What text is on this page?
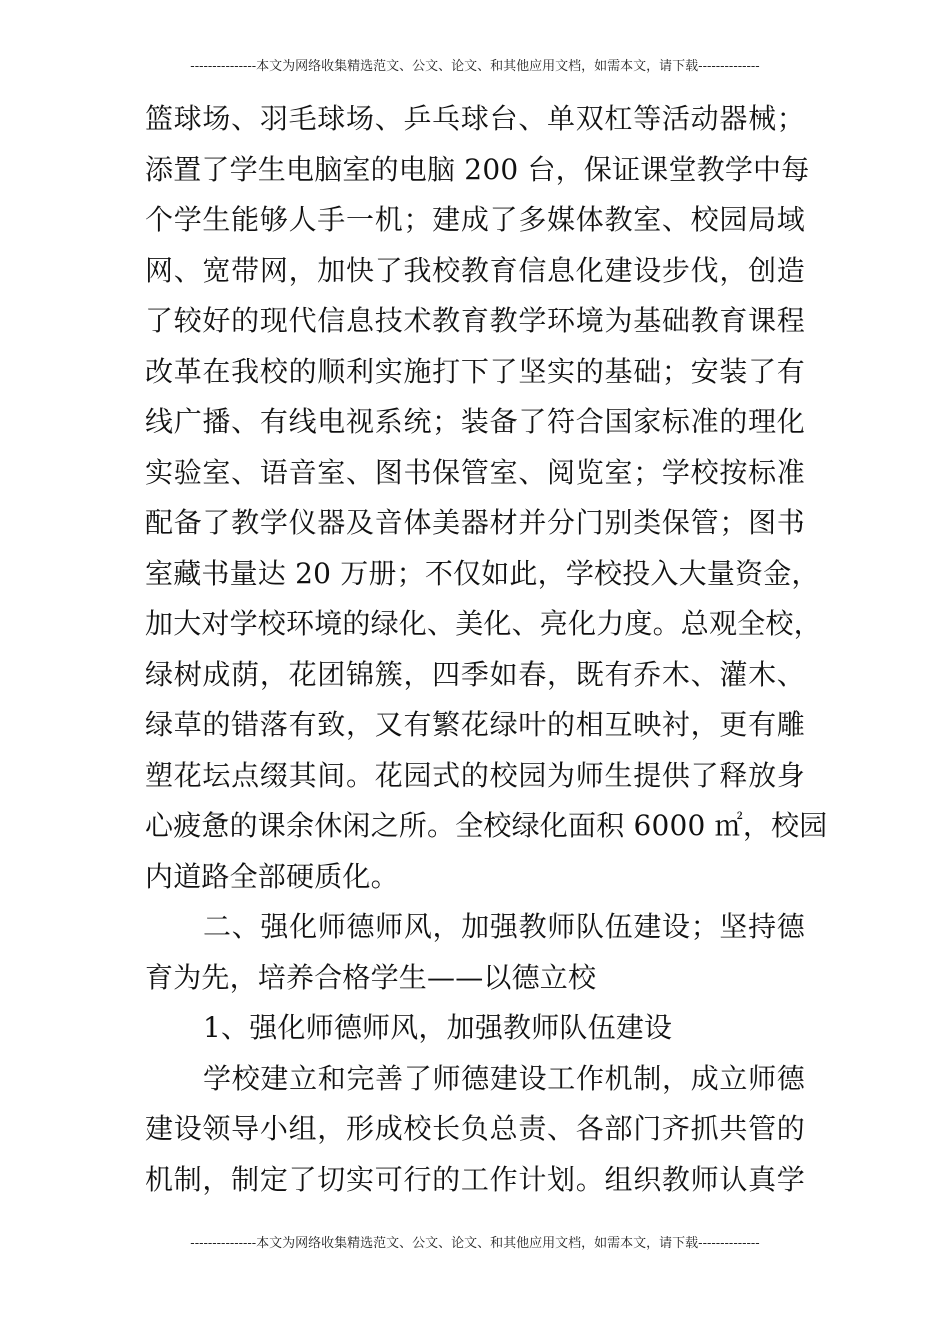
---------------本文为网络收集精选范文、公文、论文、和其他应用文档，如需本文，请下载--------------
篮球场、羽毛球场、乒乓球台、单双杠等活动器械；
添置了学生电脑室的电脑 200 台，保证课堂教学中每
个学生能够人手一机；建成了多媒体教室、校园局域
网、宽带网，加快了我校教育信息化建设步伐，创造
了较好的现代信息技术教育教学环境为基础教育课程
改革在我校的顺利实施打下了坚实的基础；安装了有
线广播、有线电视系统；装备了符合国家标准的理化
实验室、语音室、图书保管室、阅览室；学校按标准
配备了教学仪器及音体美器材并分门别类保管；图书
室藏书量达 20 万册；不仅如此，学校投入大量资金，
加大对学校环境的绿化、美化、亮化力度。总观全校，
绿树成荫，花团锦簇，四季如春，既有乔木、灌木、
绿草的错落有致，又有繁花绿叶的相互映衬，更有雕
塑花坛点缀其间。花园式的校园为师生提供了释放身
心疲惫的课余休闲之所。全校绿化面积 6000 ㎡，校园
内道路全部硬质化。
二、强化师德师风，加强教师队伍建设；坚持德
育为先，培养合格学生——以德立校
1、强化师德师风，加强教师队伍建设
学校建立和完善了师德建设工作机制，成立师德
建设领导小组，形成校长负总责、各部门齐抓共管的
机制，制定了切实可行的工作计划。组织教师认真学
---------------本文为网络收集精选范文、公文、论文、和其他应用文档，如需本文，请下载--------------
